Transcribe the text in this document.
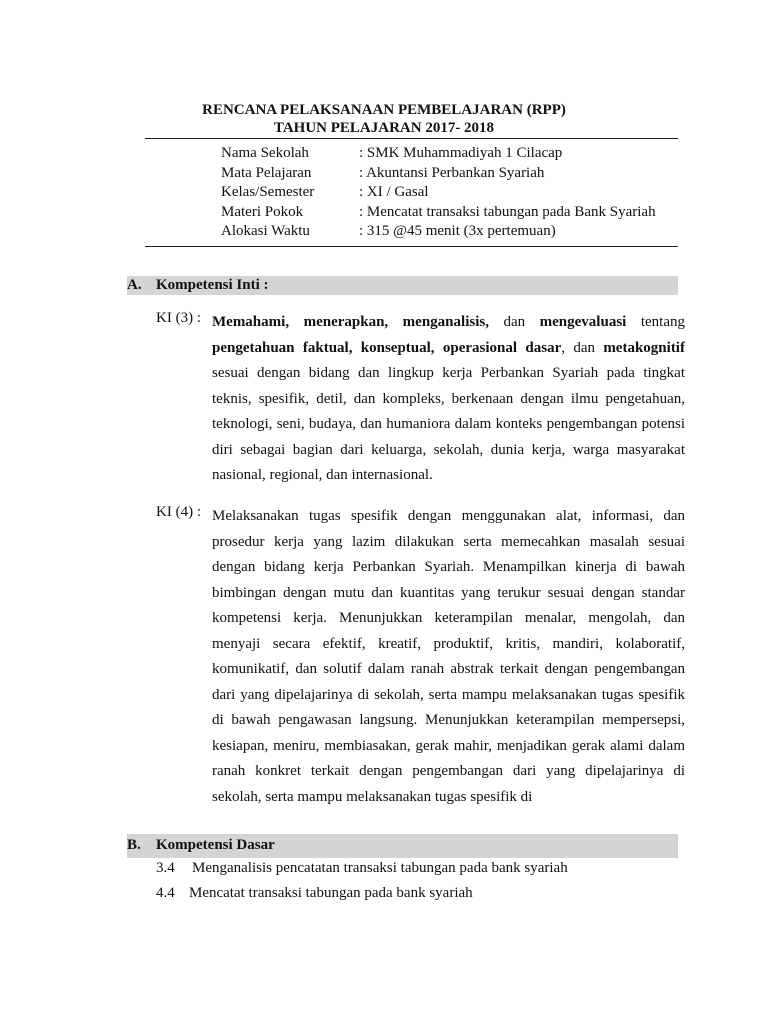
RENCANA PELAKSANAAN PEMBELAJARAN (RPP)
TAHUN PELAJARAN 2017- 2018
Nama Sekolah	: SMK Muhammadiyah 1 Cilacap
Mata Pelajaran	: Akuntansi Perbankan Syariah
Kelas/Semester	: XI / Gasal
Materi Pokok	: Mencatat transaksi tabungan pada Bank Syariah
Alokasi Waktu	: 315 @45 menit (3x pertemuan)
A. Kompetensi Inti :
KI (3) : Memahami, menerapkan, menganalisis, dan mengevaluasi tentang pengetahuan faktual, konseptual, operasional dasar, dan metakognitif sesuai dengan bidang dan lingkup kerja Perbankan Syariah pada tingkat teknis, spesifik, detil, dan kompleks, berkenaan dengan ilmu pengetahuan, teknologi, seni, budaya, dan humaniora dalam konteks pengembangan potensi diri sebagai bagian dari keluarga, sekolah, dunia kerja, warga masyarakat nasional, regional, dan internasional.
KI (4) : Melaksanakan tugas spesifik dengan menggunakan alat, informasi, dan prosedur kerja yang lazim dilakukan serta memecahkan masalah sesuai dengan bidang kerja Perbankan Syariah. Menampilkan kinerja di bawah bimbingan dengan mutu dan kuantitas yang terukur sesuai dengan standar kompetensi kerja. Menunjukkan keterampilan menalar, mengolah, dan menyaji secara efektif, kreatif, produktif, kritis, mandiri, kolaboratif, komunikatif, dan solutif dalam ranah abstrak terkait dengan pengembangan dari yang dipelajarinya di sekolah, serta mampu melaksanakan tugas spesifik di bawah pengawasan langsung. Menunjukkan keterampilan mempersepsi, kesiapan, meniru, membiasakan, gerak mahir, menjadikan gerak alami dalam ranah konkret terkait dengan pengembangan dari yang dipelajarinya di sekolah, serta mampu melaksanakan tugas spesifik di
B. Kompetensi Dasar
3.4 Menganalisis pencatatan transaksi tabungan pada bank syariah
4.4 Mencatat transaksi tabungan pada bank syariah
